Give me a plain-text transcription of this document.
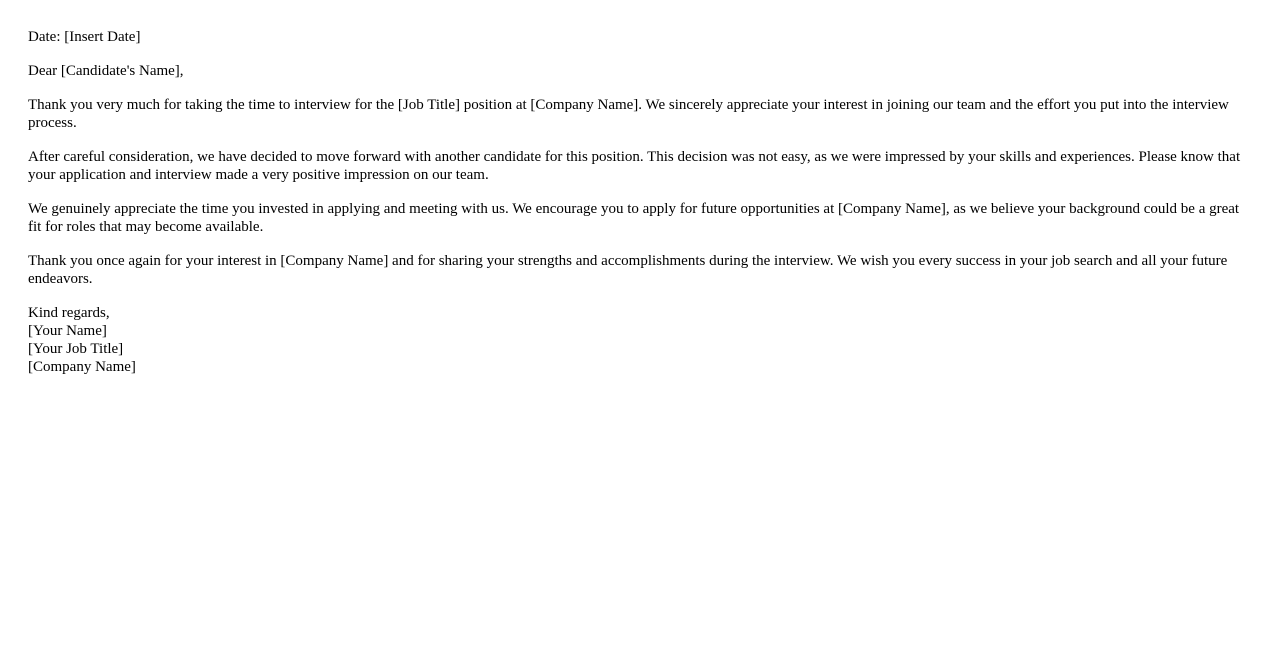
Date: [Insert Date]

Dear [Candidate's Name],

Thank you very much for taking the time to interview for the [Job Title] position at [Company Name]. We sincerely appreciate your interest in joining our team and the effort you put into the interview process.

After careful consideration, we have decided to move forward with another candidate for this position. This decision was not easy, as we were impressed by your skills and experiences. Please know that your application and interview made a very positive impression on our team.

We genuinely appreciate the time you invested in applying and meeting with us. We encourage you to apply for future opportunities at [Company Name], as we believe your background could be a great fit for roles that may become available.

Thank you once again for your interest in [Company Name] and for sharing your strengths and accomplishments during the interview. We wish you every success in your job search and all your future endeavors.

Kind regards,
[Your Name]
[Your Job Title]
[Company Name]
